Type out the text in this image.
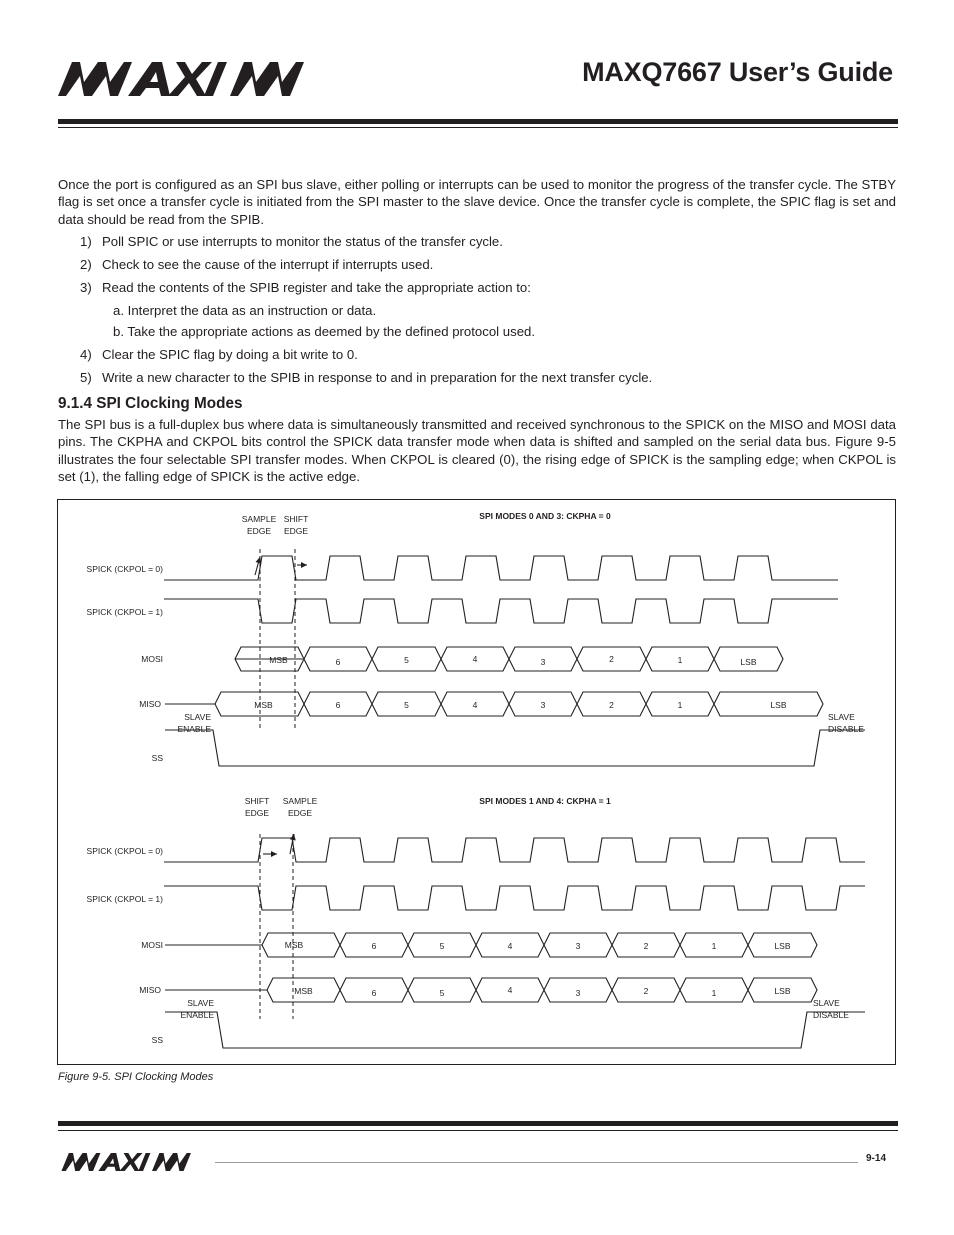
MAXQ7667 User’s Guide
Once the port is configured as an SPI bus slave, either polling or interrupts can be used to monitor the progress of the transfer cycle. The STBY flag is set once a transfer cycle is initiated from the SPI master to the slave device. Once the transfer cycle is complete, the SPIC flag is set and data should be read from the SPIB.
1) Poll SPIC or use interrupts to monitor the status of the transfer cycle.
2) Check to see the cause of the interrupt if interrupts used.
3) Read the contents of the SPIB register and take the appropriate action to:
a. Interpret the data as an instruction or data.
b. Take the appropriate actions as deemed by the defined protocol used.
4) Clear the SPIC flag by doing a bit write to 0.
5) Write a new character to the SPIB in response to and in preparation for the next transfer cycle.
9.1.4 SPI Clocking Modes
The SPI bus is a full-duplex bus where data is simultaneously transmitted and received synchronous to the SPICK on the MISO and MOSI data pins. The CKPHA and CKPOL bits control the SPICK data transfer mode when data is shifted and sampled on the serial data bus. Figure 9-5 illustrates the four selectable SPI transfer modes. When CKPOL is cleared (0), the rising edge of SPICK is the sampling edge; when CKPOL is set (1), the falling edge of SPICK is the active edge.
SPI MODES 0 AND 3: CKPHA = 0
SAMPLE
EDGE
SHIFT
EDGE
SPICK (CKPOL = 0)
SPICK (CKPOL = 1)
MOSI
MISO
SS
MSB	6	5	4	3	2	1	LSB
MSB	6	5	4	3	2	1	LSB
SLAVE
ENABLE
SLAVE
DISABLE
SPI MODES 1 AND 4: CKPHA = 1
SHIFT
EDGE
SAMPLE
EDGE
SPICK (CKPOL = 0)
SPICK (CKPOL = 1)
MOSI
MISO
SS
MSB	6	5	4	3	2	1	LSB
MSB	6	5	4	3	2	1	LSB
SLAVE
ENABLE
SLAVE
DISABLE
Figure 9-5. SPI Clocking Modes
9-14
